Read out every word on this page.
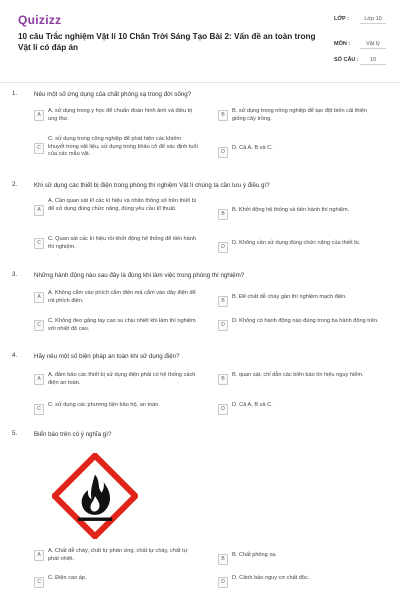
Quizizz
10 câu Trắc nghiệm Vật lí 10 Chân Trời Sáng Tạo Bài 2: Vấn đề an toàn trong Vật lí có đáp án
LỚP :	Lớp 10
MÔN :	Vật lý
SỐ CÂU :	10
1.	Nêu một số ứng dụng của chất phóng xạ trong đời sống?
A
A. sử dụng trong y học để chuẩn đoán hình ảnh và điều trị ung thư.
B
B. sử dụng trong nông nghiệp để tạo đột biến cải thiện giống cây trồng.
C
C. sử dụng trong công nghiệp để phát hiện các khiếm khuyết trong vật liệu, sử dụng trong khảo cổ để xác định tuổi của các mẫu vật.	D
D. Cả A, B và C.
2.	Khi sử dụng các thiết bị điện trong phòng thí nghiệm Vật lí chúng ta cần lưu ý điều gì?
A
A. Cần quan sát kĩ các kí hiệu và nhãn thông số trên thiết bị để sử dụng đúng chức năng, đúng yêu cầu kĩ thuật.
B
B. Khởi động hệ thống và tiến hành thí nghiệm.
C
C. Quan sát các kí hiệu rồi khởi động hệ thống để tiến hành thí nghiệm.	D
D. Không cần sử dụng đúng chức năng của thiết bị.
3.	Những hành động nào sau đây là đúng khi làm việc trong phòng thí nghiệm?
A
A. Không cắm vào phích cắm điện mà cắm vào dây điện để rút phích điện.	B
B. Để chất dễ cháy gần thí nghiệm mạch điện.
C
C. Không đeo găng tay cao su chịu nhiệt khi làm thí nghiệm với nhiệt độ cao.
D
D. Không có hành động nào đúng trong ba hành động trên.
4.	Hãy nêu một số biện pháp an toàn khi sử dụng điện?
A
A. đảm bảo các thiết bị sử dụng điện phải có hệ thống cách điện an toàn.
B
B. quan sát, chỉ dẫn các biển báo tín hiệu nguy hiểm.
C
C. sử dụng các phương tiện bảo hộ, an toàn.
D
D. Cả A, B và C.
5.	Biển báo trên có ý nghĩa gì?
A
A. Chất dễ cháy, chất tự phản ứng, chất tự cháy, chất tự phát nhiệt.	B
B. Chất phóng xạ.
C
C. Điện cao áp.
D
D. Cảnh báo nguy cơ chất độc.
